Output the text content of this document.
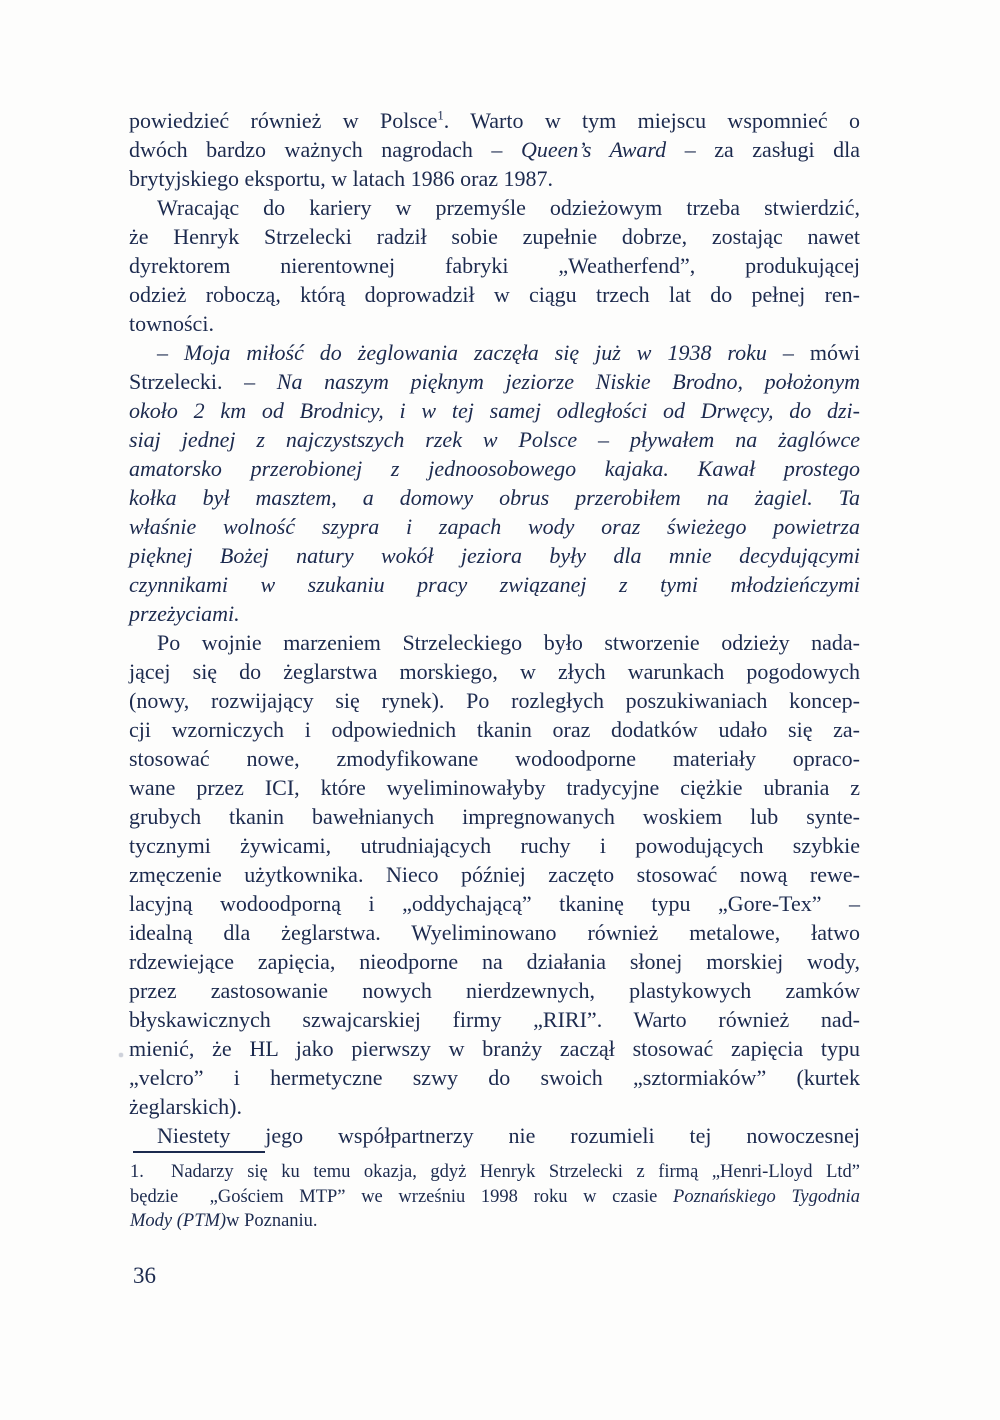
powiedzieć również w Polsce$^1$. Warto w tym miejscu wspomnieć o
dwóch bardzo ważnych nagrodach – Queen’s Award – za zasługi dla
brytyjskiego eksportu, w latach 1986 oraz 1987.
Wracając do kariery w przemyśle odzieżowym trzeba stwierdzić,
że Henryk Strzelecki radził sobie zupełnie dobrze, zostając nawet
dyrektorem nierentownej fabryki „Weatherfend”, produkującej
odzież roboczą, którą doprowadził w ciągu trzech lat do pełnej ren-
towności.
– Moja miłość do żeglowania zaczęła się już w 1938 roku – mówi
Strzelecki. – Na naszym pięknym jeziorze Niskie Brodno, położonym
około 2 km od Brodnicy, i w tej samej odległości od Drwęcy, do dzi-
siaj jednej z najczystszych rzek w Polsce – pływałem na żaglówce
amatorsko przerobionej z jednoosobowego kajaka. Kawał prostego
kołka był masztem, a domowy obrus przerobiłem na żagiel. Ta
właśnie wolność szypra i zapach wody oraz świeżego powietrza
pięknej Bożej natury wokół jeziora były dla mnie decydującymi
czynnikami w szukaniu pracy związanej z tymi młodzieńczymi
przeżyciami.
Po wojnie marzeniem Strzeleckiego było stworzenie odzieży nada-
jącej się do żeglarstwa morskiego, w złych warunkach pogodowych
(nowy, rozwijający się rynek). Po rozległych poszukiwaniach koncep-
cji wzorniczych i odpowiednich tkanin oraz dodatków udało się za-
stosować nowe, zmodyfikowane wodoodporne materiały opraco-
wane przez ICI, które wyeliminowałyby tradycyjne ciężkie ubrania z
grubych tkanin bawełnianych impregnowanych woskiem lub synte-
tycznymi żywicami, utrudniających ruchy i powodujących szybkie
zmęczenie użytkownika. Nieco później zaczęto stosować nową rewe-
lacyjną wodoodporną i „oddychającą” tkaninę typu „Gore-Tex” –
idealną dla żeglarstwa. Wyeliminowano również metalowe, łatwo
rdzewiejące zapięcia, nieodporne na działania słonej morskiej wody,
przez zastosowanie nowych nierdzewnych, plastykowych zamków
błyskawicznych szwajcarskiej firmy „RIRI”. Warto również nad-
mienić, że HL jako pierwszy w branży zaczął stosować zapięcia typu
„velcro” i hermetyczne szwy do swoich „sztormiaków” (kurtek
żeglarskich).
Niestety jego współpartnerzy nie rozumieli tej nowoczesnej
1.  Nadarzy się ku temu okazja, gdyż Henryk Strzelecki z firmą „Henri-Lloyd Ltd”
będzie  „Gościem MTP” we wrześniu 1998 roku w czasie Poznańskiego Tygodnia
Mody (PTM)w Poznaniu.
36
